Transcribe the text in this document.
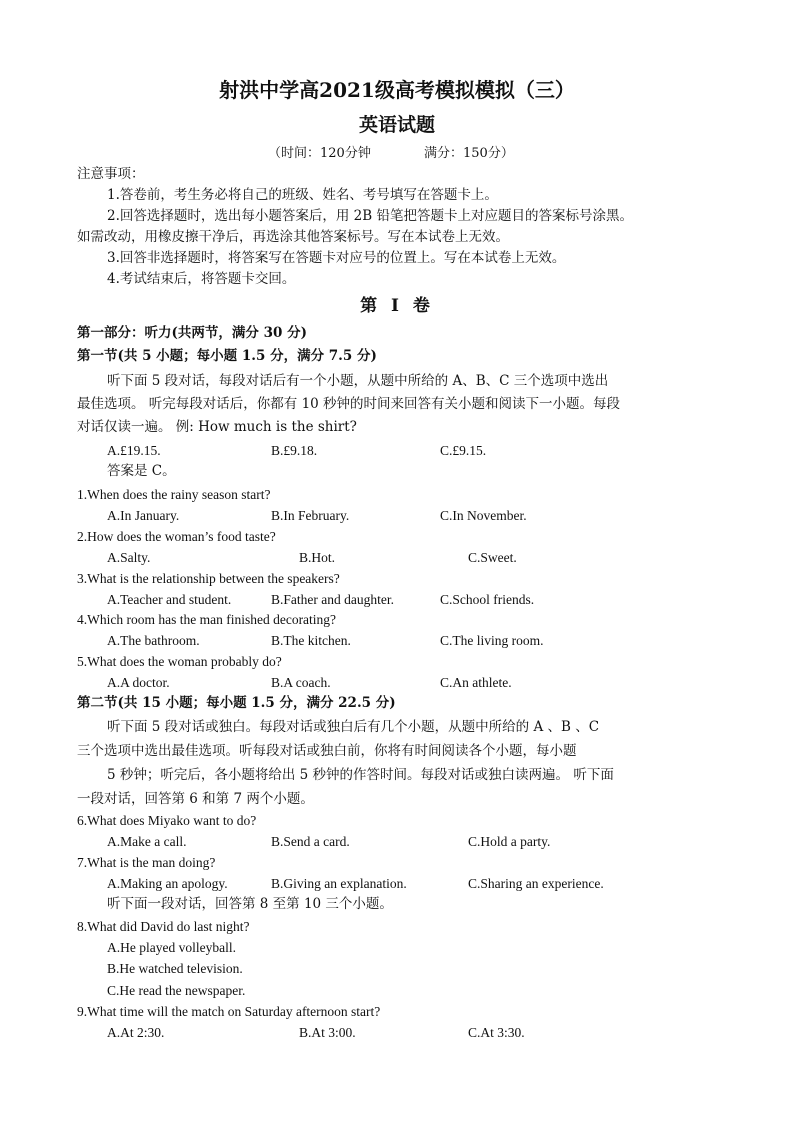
射洪中学高2021级高考模拟模拟（三）
英语试题
（时间：120分钟	满分：150分）
注意事项：
1.答卷前，考生务必将自己的班级、姓名、考号填写在答题卡上。
2.回答选择题时，选出每小题答案后，用 2B 铅笔把答题卡上对应题目的答案标号涂黑。
如需改动，用橡皮擦干净后，再选涂其他答案标号。写在本试卷上无效。
3.回答非选择题时，将答案写在答题卡对应号的位置上。写在本试卷上无效。
4.考试结束后，将答题卡交回。
第 I 卷
第一部分：听力(共两节，满分 30 分)
第一节(共 5 小题；每小题 1.5 分，满分 7.5 分)
听下面 5 段对话，每段对话后有一个小题，从题中所给的 A、B、C 三个选项中选出
最佳选项。 听完每段对话后，你都有 10 秒钟的时间来回答有关小题和阅读下一小题。每段
对话仅读一遍。 例: How much is the shirt?
A.£19.15.	B.£9.18.	C.£9.15.
答案是 C。
1.When does the rainy season start?
A.In January.	B.In February.	C.In November.
2.How does the woman’s food taste?
A.Salty.	B.Hot.	C.Sweet.
3.What is the relationship between the speakers?
A.Teacher and student.	B.Father and daughter.	C.School friends.
4.Which room has the man finished decorating?
A.The bathroom.	B.The kitchen.	C.The living room.
5.What does the woman probably do?
A.A doctor.	B.A coach.	C.An athlete.
第二节(共 15 小题；每小题 1.5 分，满分 22.5 分)
听下面 5 段对话或独白。每段对话或独白后有几个小题，从题中所给的 A 、B 、C
三个选项中选出最佳选项。听每段对话或独白前，你将有时间阅读各个小题，每小题
5 秒钟；听完后，各小题将给出 5 秒钟的作答时间。每段对话或独白读两遍。 听下面
一段对话，回答第 6 和第 7 两个小题。
6.What does Miyako want to do?
A.Make a call.	B.Send a card.	C.Hold a party.
7.What is the man doing?
A.Making an apology.	B.Giving an explanation.	C.Sharing an experience.
听下面一段对话，回答第 8 至第 10 三个小题。
8.What did David do last night?
A.He played volleyball.
B.He watched television.
C.He read the newspaper.
9.What time will the match on Saturday afternoon start?
A.At 2:30.	B.At 3:00.	C.At 3:30.
